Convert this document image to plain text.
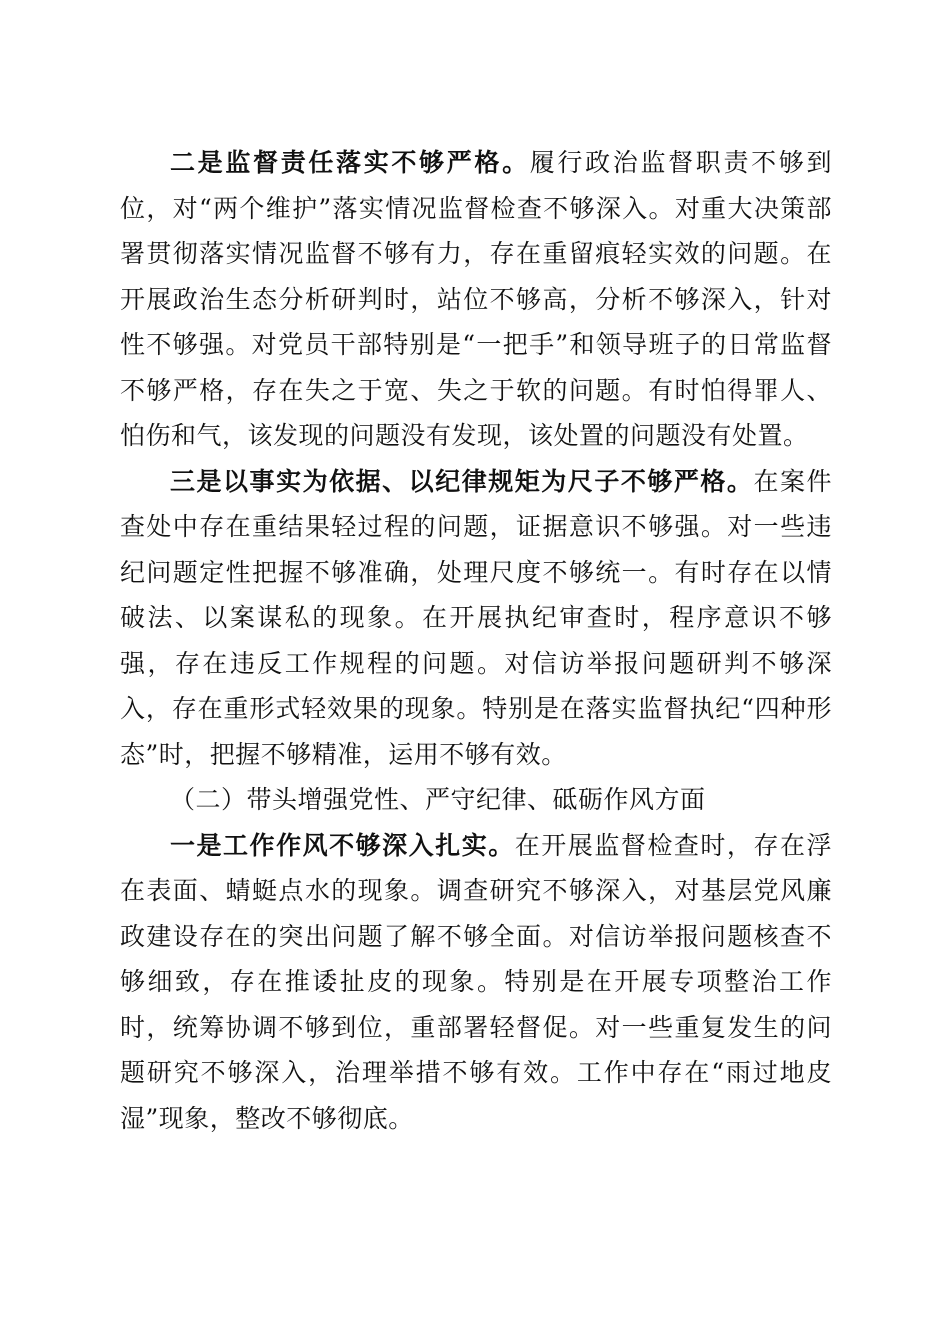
二是监督责任落实不够严格。履行政治监督职责不够到位，对“两个维护”落实情况监督检查不够深入。对重大决策部署贯彻落实情况监督不够有力，存在重留痕轻实效的问题。在开展政治生态分析研判时，站位不够高，分析不够深入，针对性不够强。对党员干部特别是“一把手”和领导班子的日常监督不够严格，存在失之于宽、失之于软的问题。有时怕得罪人、怕伤和气，该发现的问题没有发现，该处置的问题没有处置。

三是以事实为依据、以纪律规矩为尺子不够严格。在案件查处中存在重结果轻过程的问题，证据意识不够强。对一些违纪问题定性把握不够准确，处理尺度不够统一。有时存在以情破法、以案谋私的现象。在开展执纪审查时，程序意识不够强，存在违反工作规程的问题。对信访举报问题研判不够深入，存在重形式轻效果的现象。特别是在落实监督执纪“四种形态”时，把握不够精准，运用不够有效。

（二）带头增强党性、严守纪律、砥砺作风方面

一是工作作风不够深入扎实。在开展监督检查时，存在浮在表面、蜻蜓点水的现象。调查研究不够深入，对基层党风廉政建设存在的突出问题了解不够全面。对信访举报问题核查不够细致，存在推诿扯皮的现象。特别是在开展专项整治工作时，统筹协调不够到位，重部署轻督促。对一些重复发生的问题研究不够深入，治理举措不够有效。工作中存在“雨过地皮湿”现象，整改不够彻底。
